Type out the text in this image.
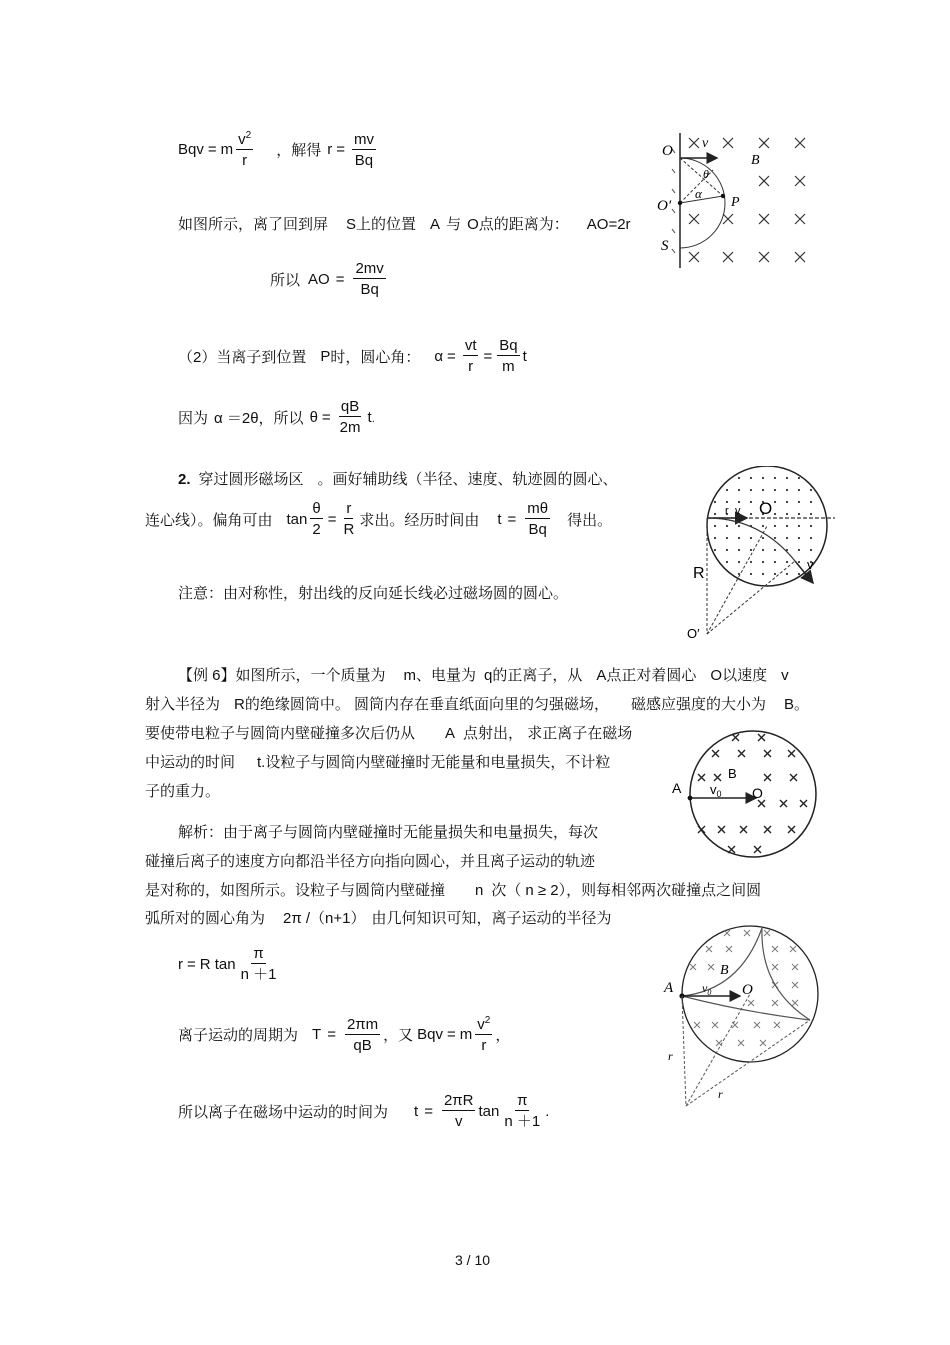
Bqv = m $\frac{v^2}{r}$ ，解得 $r = \frac{mv}{Bq}$
如图所示，离了回到屏 S上的位置 A 与 O点的距离为： AO=2r
所以 AO = $\frac{2mv}{Bq}$
（2）当离子到位置 P 时，圆心角： $\alpha = \frac{vt}{r} = \frac{Bq}{m}$ t
因为 α ＝2θ ，所以 $\theta = \frac{qB}{2m}$ t .
2. 穿过圆形磁场区 。画好辅助线（半径、速度、轨迹圆的圆心、
连心线）。偏角可由 $\tan \frac{\theta}{2} = \frac{r}{R}$ 求出。经历时间由 $t = \frac{m\theta}{Bq}$ 得出。
注意：由对称性，射出线的反向延长线必过磁场圆的圆心。
【例 6】如图所示，一个质量为 m、电量为 q的正离子，从 A点正对着圆心 O以速度 v
射入半径为 R的绝缘圆筒中。 圆筒内存在垂直纸面向里的匀强磁场， 磁感应强度的大小为 B。
要使带电粒子与圆筒内壁碰撞多次后仍从 A 点射出， 求正离子在磁场
中运动的时间 t.设粒子与圆筒内壁碰撞时无能量和电量损失，不计粒
子的重力。
解析：由于离子与圆筒内壁碰撞时无能量损失和电量损失，每次
碰撞后离子的速度方向都沿半径方向指向圆心，并且离子运动的轨迹
是对称的，如图所示。设粒子与圆筒内壁碰撞 n 次（ n ≥ 2），则每相邻两次碰撞点之间圆
弧所对的圆心角为 2π /（n+1） 由几何知识可知，离子运动的半径为
r = R $\tan \frac{\pi}{n +1}$
离子运动的周期为 $T = \frac{2\pi m}{qB}$ ，又 Bqv = m $\frac{v^2}{r}$ ，
所以离子在磁场中运动的时间为 $t = \frac{2\pi R}{v}$ $\tan \frac{\pi}{n +1}$ .
O v
B
O′	P
α
θ
S
r v O
v
R
O′
A
B
$v_0$ O
A
B
$v_0$ O
r
r
3 / 10
